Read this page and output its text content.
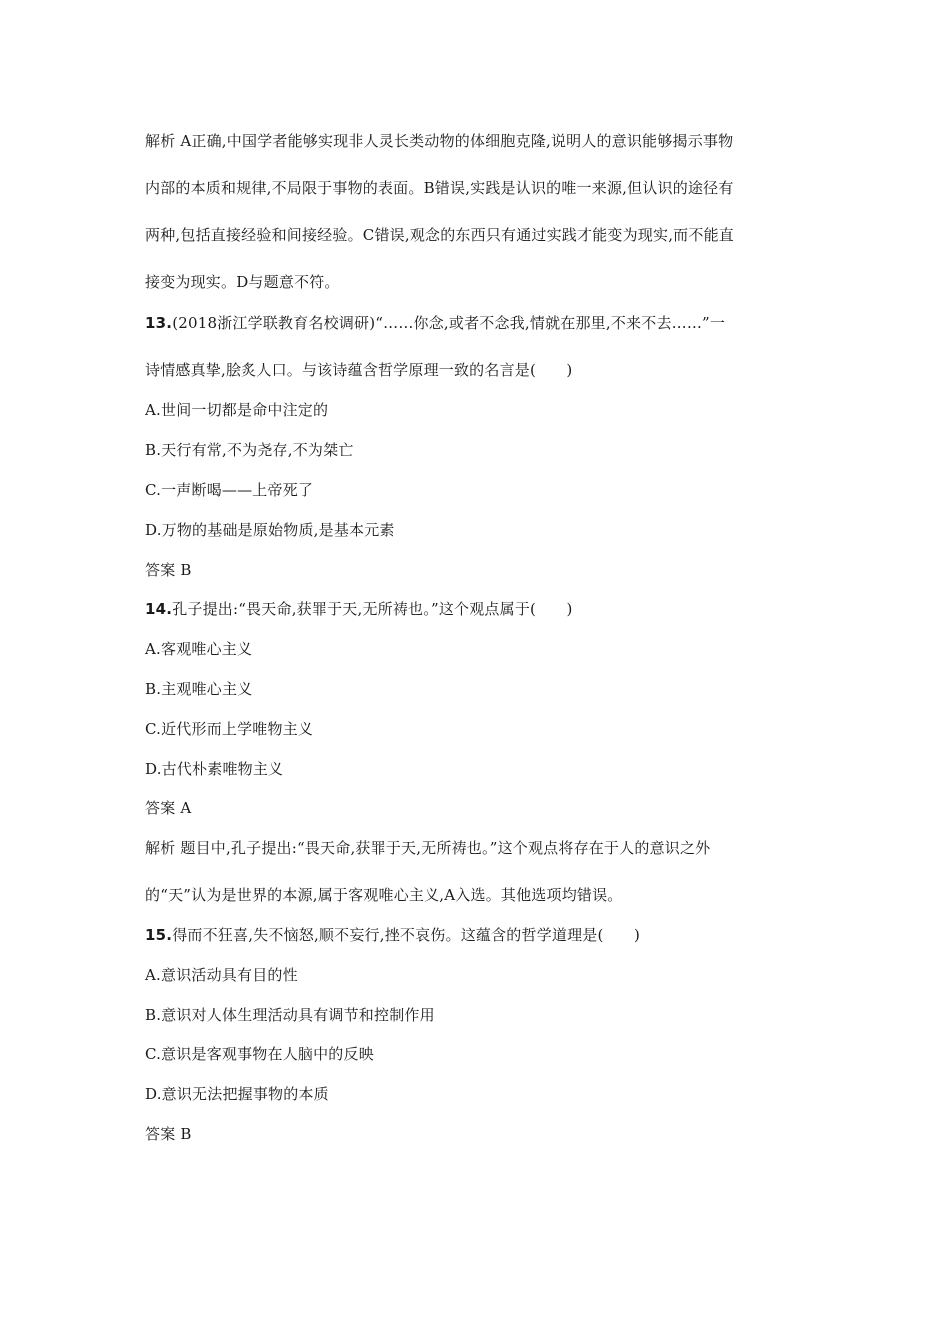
解析 A正确,中国学者能够实现非人灵长类动物的体细胞克隆,说明人的意识能够揭示事物
内部的本质和规律,不局限于事物的表面。B错误,实践是认识的唯一来源,但认识的途径有
两种,包括直接经验和间接经验。C错误,观念的东西只有通过实践才能变为现实,而不能直
接变为现实。D与题意不符。
13.(2018浙江学联教育名校调研)“……你念,或者不念我,情就在那里,不来不去……”一
诗情感真挚,脍炙人口。与该诗蕴含哲学原理一致的名言是(　　)
A.世间一切都是命中注定的
B.天行有常,不为尧存,不为桀亡
C.一声断喝——上帝死了
D.万物的基础是原始物质,是基本元素
答案 B
14.孔子提出:“畏天命,获罪于天,无所祷也。”这个观点属于(　　)
A.客观唯心主义
B.主观唯心主义
C.近代形而上学唯物主义
D.古代朴素唯物主义
答案 A
解析 题目中,孔子提出:“畏天命,获罪于天,无所祷也。”这个观点将存在于人的意识之外
的“天”认为是世界的本源,属于客观唯心主义,A入选。其他选项均错误。
15.得而不狂喜,失不恼怒,顺不妄行,挫不哀伤。这蕴含的哲学道理是(　　)
A.意识活动具有目的性
B.意识对人体生理活动具有调节和控制作用
C.意识是客观事物在人脑中的反映
D.意识无法把握事物的本质
答案 B
